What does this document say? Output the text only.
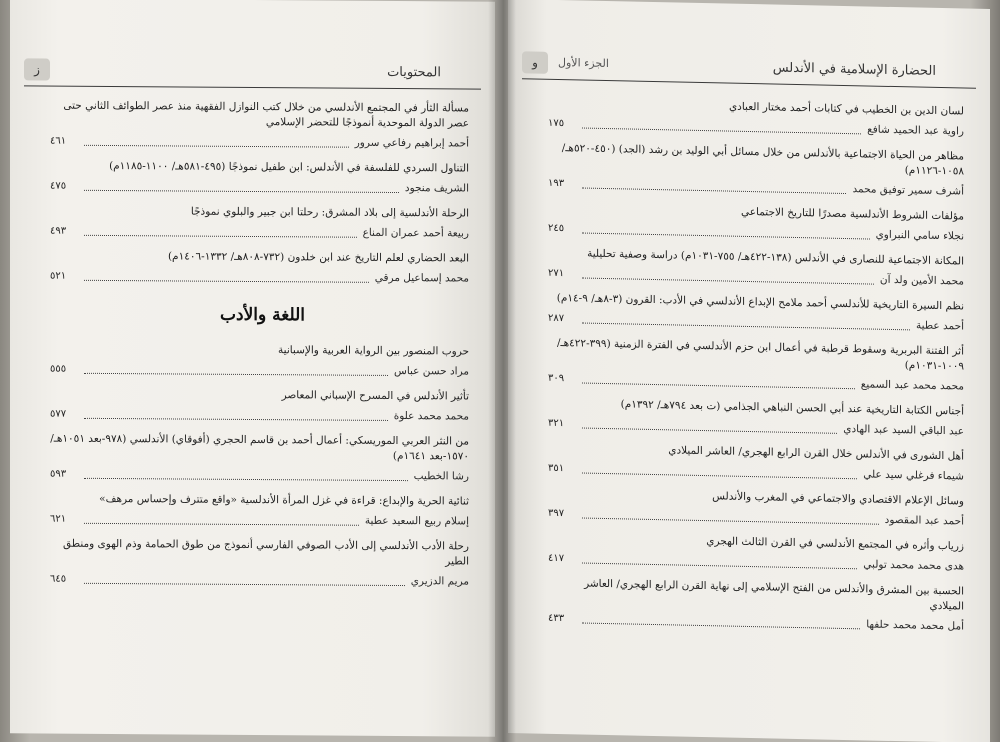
المحتويات
ز
مسألة الثأر في المجتمع الأندلسي من خلال كتب النوازل الفقهية منذ عصر الطوائف الثاني حتى عصر الدولة الموحدية أنموذجًا للتحضر الإسلامي
أحمد إبراهيم رفاعي سرور
٤٦١
التناول السردي للفلسفة في الأندلس: ابن طفيل نموذجًا (٤٩٥-٥٨١هـ/ ١١٠٠-١١٨٥م)
الشريف منجود
٤٧٥
الرحلة الأندلسية إلى بلاد المشرق: رحلتا ابن جبير والبلوي نموذجًا
ربيعة أحمد عمران المناع
٤٩٣
البعد الحضاري لعلم التاريخ عند ابن خلدون (٧٣٢-٨٠٨هـ/ ١٣٣٢-١٤٠٦م)
محمد إسماعيل مرقي
٥٢١
اللغة والأدب
حروب المنصور بين الرواية العربية والإسبانية
مراد حسن عباس
٥٥٥
تأثير الأندلس في المسرح الإسباني المعاصر
محمد محمد علوة
٥٧٧
من النثر العربي الموريسكي: أعمال أحمد بن قاسم الحجري (أفوقاي) الأندلسي (٩٧٨-بعد ١٠٥١هـ/ ١٥٧٠-بعد ١٦٤١م)
رشا الخطيب
٥٩٣
ثنائية الحرية والإبداع: قراءة في غزل المرأة الأندلسية «واقع متترف وإحساس مرهف»
إسلام ربيع السعيد عطية
٦٢١
رحلة الأدب الأندلسي إلى الأدب الصوفي الفارسي أنموذج من طوق الحمامة وذم الهوى ومنطق الطير
مريم الدزيري
٦٤٥
الحضارة الإسلامية في الأندلس
الجزء الأول
و
لسان الدين بن الخطيب في كتابات أحمد مختار العبادي
راوية عبد الحميد شافع
١٧٥
مظاهر من الحياة الاجتماعية بالأندلس من خلال مسائل أبي الوليد بن رشد (الجد) (٤٥٠-٥٢٠هـ/ ١٠٥٨-١١٢٦م)
أشرف سمير توفيق محمد
١٩٣
مؤلفات الشروط الأندلسية مصدرًا للتاريخ الاجتماعي
نجلاء سامي النبراوي
٢٤٥
المكانة الاجتماعية للنصارى في الأندلس (١٣٨-٤٢٢هـ/ ٧٥٥-١٠٣١م) دراسة وصفية تحليلية
محمد الأمين ولد آن
٢٧١
نظم السيرة التاريخية للأندلسي أحمد ملامح الإبداع الأندلسي في الأدب: القرون (٣-٨هـ/ ٩-١٤م)
أحمد عطية
٢٨٧
أثر الفتنة البربرية وسقوط قرطبة في أعمال ابن حزم الأندلسي في الفترة الزمنية (٣٩٩-٤٢٢هـ/ ١٠٠٩-١٠٣١م)
محمد محمد عبد السميع
٣٠٩
أجناس الكتابة التاريخية عند أبي الحسن النباهي الجذامي (ت بعد ٧٩٤هـ/ ١٣٩٢م)
عبد الباقي السيد عبد الهادي
٣٢١
أهل الشورى في الأندلس خلال القرن الرابع الهجري/ العاشر الميلادي
شيماء فرغلي سيد علي
٣٥١
وسائل الإعلام الاقتصادي والاجتماعي في المغرب والأندلس
أحمد عبد المقصود
٣٩٧
زرياب وأثره في المجتمع الأندلسي في القرن الثالث الهجري
هدى محمد محمد تولبي
٤١٧
الحسبة بين المشرق والأندلس من الفتح الإسلامي إلى نهاية القرن الرابع الهجري/ العاشر الميلادي
أمل محمد محمد حلفها
٤٣٣
